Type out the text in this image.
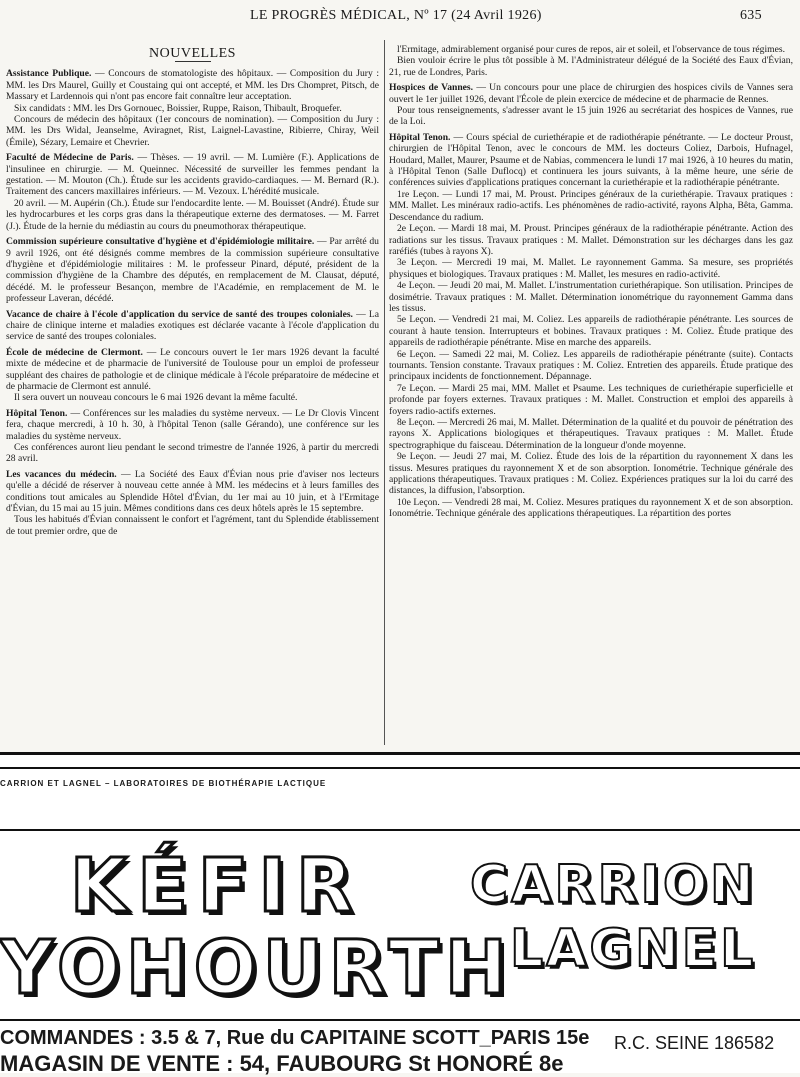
LE PROGRÈS MÉDICAL, Nº 17 (24 Avril 1926)	635
NOUVELLES

Assistance Publique. — Concours de stomatologiste des hôpitaux. — Composition du Jury : MM. les Drs Maurel, Guilly et Coustaing qui ont accepté, et MM. les Drs Chompret, Pitsch, de Massary et Lardennois qui n'ont pas encore fait connaître leur acceptation.

Six candidats : MM. les Drs Gornouec, Boissier, Ruppe, Raison, Thibault, Broquefer.

Concours de médecin des hôpitaux (1er concours de nomination). — Composition du Jury : MM. les Drs Widal, Jeanselme, Aviragnet, Rist, Laignel-Lavastine, Ribierre, Chiray, Weil (Émile), Sézary, Lemaire et Chevrier.

Faculté de Médecine de Paris. — Thèses. — 19 avril. — M. Lumière (F.). Applications de l'insulinee en chirurgie. — M. Queinnec. Nécessité de surveiller les femmes pendant la gestation. — M. Mouton (Ch.). Étude sur les accidents gravido-cardiaques. — M. Bernard (R.). Traitement des cancers maxillaires inférieurs. — M. Vezoux. L'hérédité musicale.

20 avril. — M. Aupérin (Ch.). Étude sur l'endocardite lente. — M. Bouisset (André). Étude sur les hydrocarbures et les corps gras dans la thérapeutique externe des dermatoses. — M. Farret (J.). Étude de la hernie du médiastin au cours du pneumothorax thérapeutique.

Commission supérieure consultative d'hygiène et d'épidémiologie militaire. — Par arrêté du 9 avril 1926, ont été désignés comme membres de la commission supérieure consultative d'hygiène et d'épidémiologie militaires : M. le professeur Pinard, député, président de la commission d'hygiène de la Chambre des députés, en remplacement de M. Clausat, député, décédé. M. le professeur Besançon, membre de l'Académie, en remplacement de M. le professeur Laveran, décédé.

Vacance de chaire à l'école d'application du service de santé des troupes coloniales. — La chaire de clinique interne et maladies exotiques est déclarée vacante à l'école d'application du service de santé des troupes coloniales.

École de médecine de Clermont. — Le concours ouvert le 1er mars 1926 devant la faculté mixte de médecine et de pharmacie de l'université de Toulouse pour un emploi de professeur suppléant des chaires de pathologie et de clinique médicale à l'école préparatoire de médecine et de pharmacie de Clermont est annulé.

Il sera ouvert un nouveau concours le 6 mai 1926 devant la même faculté.

Hôpital Tenon. — Conférences sur les maladies du système nerveux. — Le Dr Clovis Vincent fera, chaque mercredi, à 10 h. 30, à l'hôpital Tenon (salle Gérando), une conférence sur les maladies du système nerveux.

Ces conférences auront lieu pendant le second trimestre de l'année 1926, à partir du mercredi 28 avril.

Les vacances du médecin. — La Société des Eaux d'Évian nous prie d'aviser nos lecteurs qu'elle a décidé de réserver à nouveau cette année à MM. les médecins et à leurs familles des conditions tout amicales au Splendide Hôtel d'Évian, du 1er mai au 10 juin, et à l'Ermitage d'Évian, du 15 mai au 15 juin. Mêmes conditions dans ces deux hôtels après le 15 septembre.

Tous les habitués d'Évian connaissent le confort et l'agrément, tant du Splendide établissement de tout premier ordre, que de

l'Ermitage, admirablement organisé pour cures de repos, air et soleil, et l'observance de tous régimes.

Bien vouloir écrire le plus tôt possible à M. l'Administrateur délégué de la Société des Eaux d'Évian, 21, rue de Londres, Paris.

Hospices de Vannes. — Un concours pour une place de chirurgien des hospices civils de Vannes sera ouvert le 1er juillet 1926, devant l'École de plein exercice de médecine et de pharmacie de Rennes.

Pour tous renseignements, s'adresser avant le 15 juin 1926 au secrétariat des hospices de Vannes, rue de la Loi.

Hôpital Tenon. — Cours spécial de curiethérapie et de radiothérapie pénétrante. — Le docteur Proust, chirurgien de l'Hôpital Tenon, avec le concours de MM. les docteurs Coliez, Darbois, Hufnagel, Houdard, Mallet, Maurer, Psaume et de Nabias, commencera le lundi 17 mai 1926, à 10 heures du matin, à l'Hôpital Tenon (Salle Duflocq) et continuera les jours suivants, à la même heure, une série de conférences suivies d'applications pratiques concernant la curiethérapie et la radiothérapie pénétrante.

1re Leçon. — Lundi 17 mai, M. Proust. Principes généraux de la curiethérapie. Travaux pratiques : MM. Mallet. Les minéraux radio-actifs. Les phénomènes de radio-activité, rayons Alpha, Bêta, Gamma. Descendance du radium.

2e Leçon. — Mardi 18 mai, M. Proust. Principes généraux de la radiothérapie pénétrante. Action des radiations sur les tissus. Travaux pratiques : M. Mallet. Démonstration sur les décharges dans les gaz raréfiés (tubes à rayons X).

3e Leçon. — Mercredi 19 mai, M. Mallet. Le rayonnement Gamma. Sa mesure, ses propriétés physiques et biologiques. Travaux pratiques : M. Mallet, les mesures en radio-activité.

4e Leçon. — Jeudi 20 mai, M. Mallet. L'instrumentation curiethérapique. Son utilisation. Principes de dosimétrie. Travaux pratiques : M. Mallet. Détermination ionométrique du rayonnement Gamma dans les tissus.

5e Leçon. — Vendredi 21 mai, M. Coliez. Les appareils de radiothérapie pénétrante. Les sources de courant à haute tension. Interrupteurs et bobines. Travaux pratiques : M. Coliez. Étude pratique des appareils de radiothérapie pénétrante. Mise en marche des appareils.

6e Leçon. — Samedi 22 mai, M. Coliez. Les appareils de radiothérapie pénétrante (suite). Contacts tournants. Tension constante. Travaux pratiques : M. Coliez. Entretien des appareils. Étude pratique des principaux incidents de fonctionnement. Dépannage.

7e Leçon. — Mardi 25 mai, MM. Mallet et Psaume. Les techniques de curiethérapie superficielle et profonde par foyers externes. Travaux pratiques : M. Mallet. Construction et emploi des appareils à foyers radio-actifs externes.

8e Leçon. — Mercredi 26 mai, M. Mallet. Détermination de la qualité et du pouvoir de pénétration des rayons X. Applications biologiques et thérapeutiques. Travaux pratiques : M. Mallet. Étude spectrographique du faisceau. Détermination de la longueur d'onde moyenne.

9e Leçon. — Jeudi 27 mai, M. Coliez. Étude des lois de la répartition du rayonnement X dans les tissus. Mesures pratiques du rayonnement X et de son absorption. Ionométrie. Technique générale des applications thérapeutiques. Travaux pratiques : M. Coliez. Expériences pratiques sur la loi du carré des distances, la diffusion, l'absorption.

10e Leçon. — Vendredi 28 mai, M. Coliez. Mesures pratiques du rayonnement X et de son absorption. Ionométrie. Technique générale des applications thérapeutiques. La répartition des portes

CARRION ET LAGNEL – LABORATOIRES DE BIOTHÉRAPIE LACTIQUE
KÉFIR
YOHOURTH
CARRION
LAGNEL
COMMANDES : 3.5 & 7, Rue du CAPITAINE SCOTT_PARIS 15e
MAGASIN DE VENTE : 54, FAUBOURG St HONORÉ 8e
R.C. SEINE 186582
